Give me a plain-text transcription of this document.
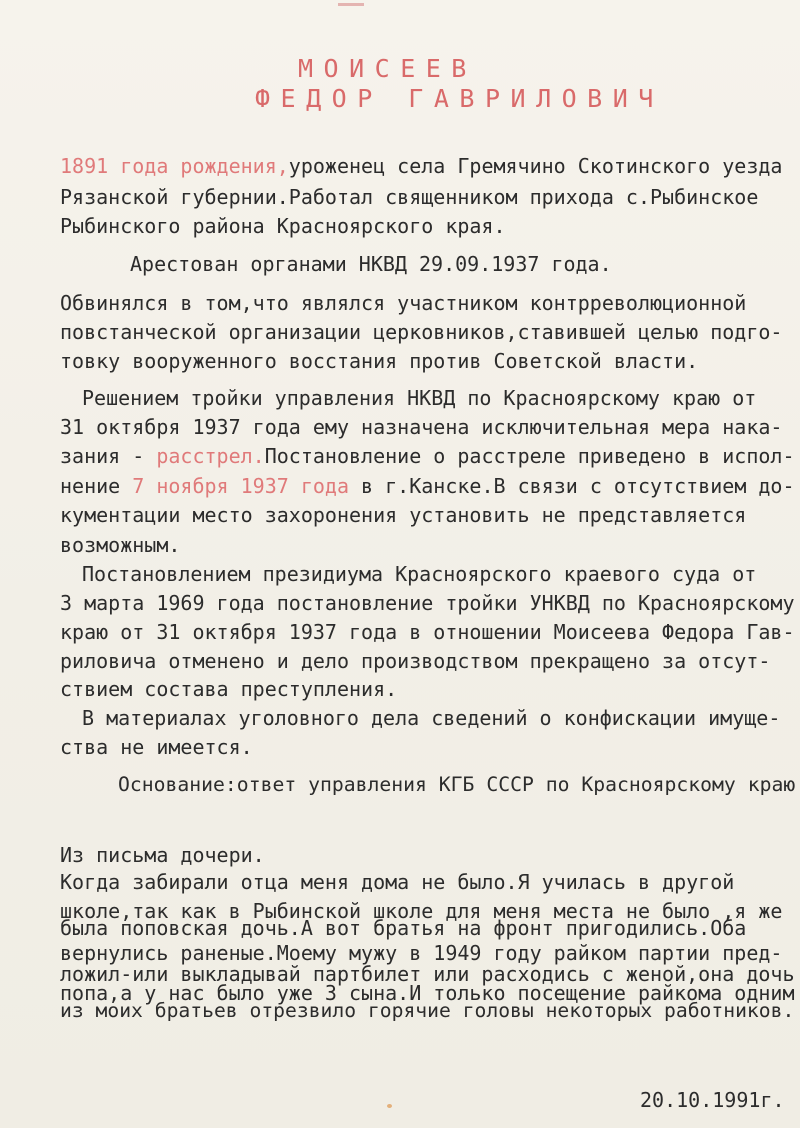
МОИСЕЕВ
ФЕДОР ГАВРИЛОВИЧ
1891 года рождения,уроженец села Гремячино Скотинского уезда
Рязанской губернии.Работал священником прихода с.Рыбинское
Рыбинского района Красноярского края.
Арестован органами НКВД 29.09.1937 года.
Обвинялся в том,что являлся участником контрреволюционной
повстанческой организации церковников,ставившей целью подго-
товку вооруженного восстания против Советской власти.
Решением тройки управления НКВД по Красноярскому краю от
31 октября 1937 года ему назначена исключительная мера нака-
зания - расстрел.Постановление о расстреле приведено в испол-
нение 7 ноября 1937 года в г.Канске.В связи с отсутствием до-
кументации место захоронения установить не представляется
возможным.
Постановлением президиума Красноярского краевого суда от
3 марта 1969 года постановление тройки УНКВД по Красноярскому
краю от 31 октября 1937 года в отношении Моисеева Федора Гав-
риловича отменено и дело производством прекращено за отсут-
ствием состава преступления.
В материалах уголовного дела сведений о конфискации имуще-
ства не имеется.
Основание:ответ управления КГБ СССР по Красноярскому краю
Из письма дочери.
Когда забирали отца меня дома не было.Я училась в другой
школе,так как в Рыбинской школе для меня места не было ,я же
была поповская дочь.А вот братья на фронт пригодились.Оба
вернулись раненые.Моему мужу в 1949 году райком партии пред-
ложил-или выкладывай партбилет или расходись с женой,она дочь
попа,а у нас было уже 3 сына.И только посещение райкома одним
из моих братьев отрезвило горячие головы некоторых работников.
20.10.1991г.
